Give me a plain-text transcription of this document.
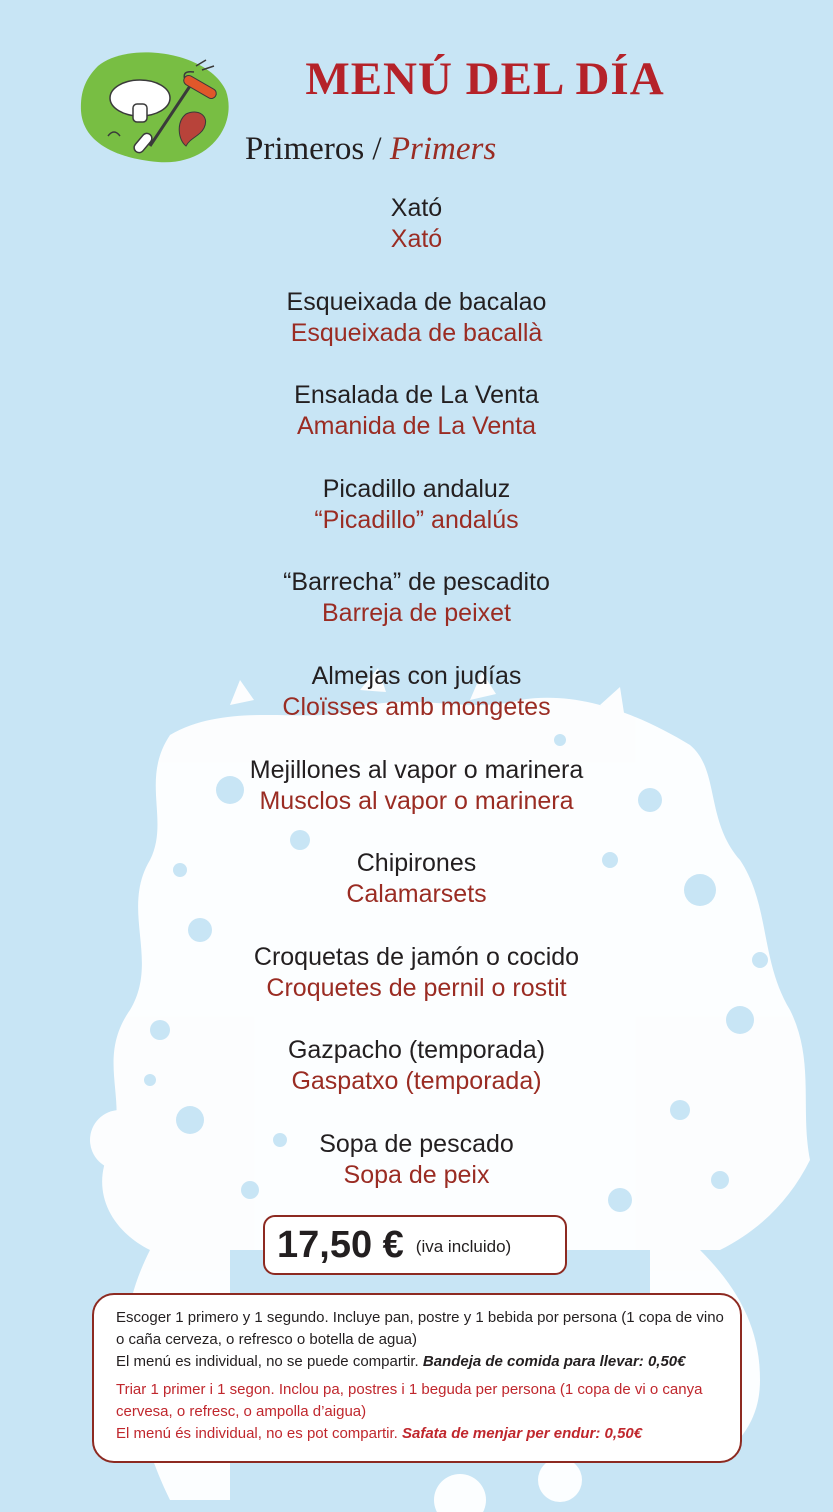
MENÚ DEL DÍA
Primeros / Primers
Xató
Xató
Esqueixada de bacalao
Esqueixada de bacallà
Ensalada de La Venta
Amanida de La Venta
Picadillo andaluz
“Picadillo” andalús
“Barrecha” de pescadito
Barreja de peixet
Almejas con judías
Cloïsses amb mongetes
Mejillones al vapor o marinera
Musclos al vapor o marinera
Chipirones
Calamarsets
Croquetas de jamón o cocido
Croquetes de pernil o rostit
Gazpacho (temporada)
Gaspatxo (temporada)
Sopa de pescado
Sopa de peix
17,50 € (iva incluido)

Escoger 1 primero y 1 segundo. Incluye pan, postre y 1 bebida por persona (1 copa de vino o caña cerveza, o refresco o botella de agua)
El menú es individual, no se puede compartir. Bandeja de comida para llevar: 0,50€

Triar 1 primer i 1 segon. Inclou pa, postres i 1 beguda per persona (1 copa de vi o canya cervesa, o refresc, o ampolla d’aigua)
El menú és individual, no es pot compartir. Safata de menjar per endur: 0,50€
